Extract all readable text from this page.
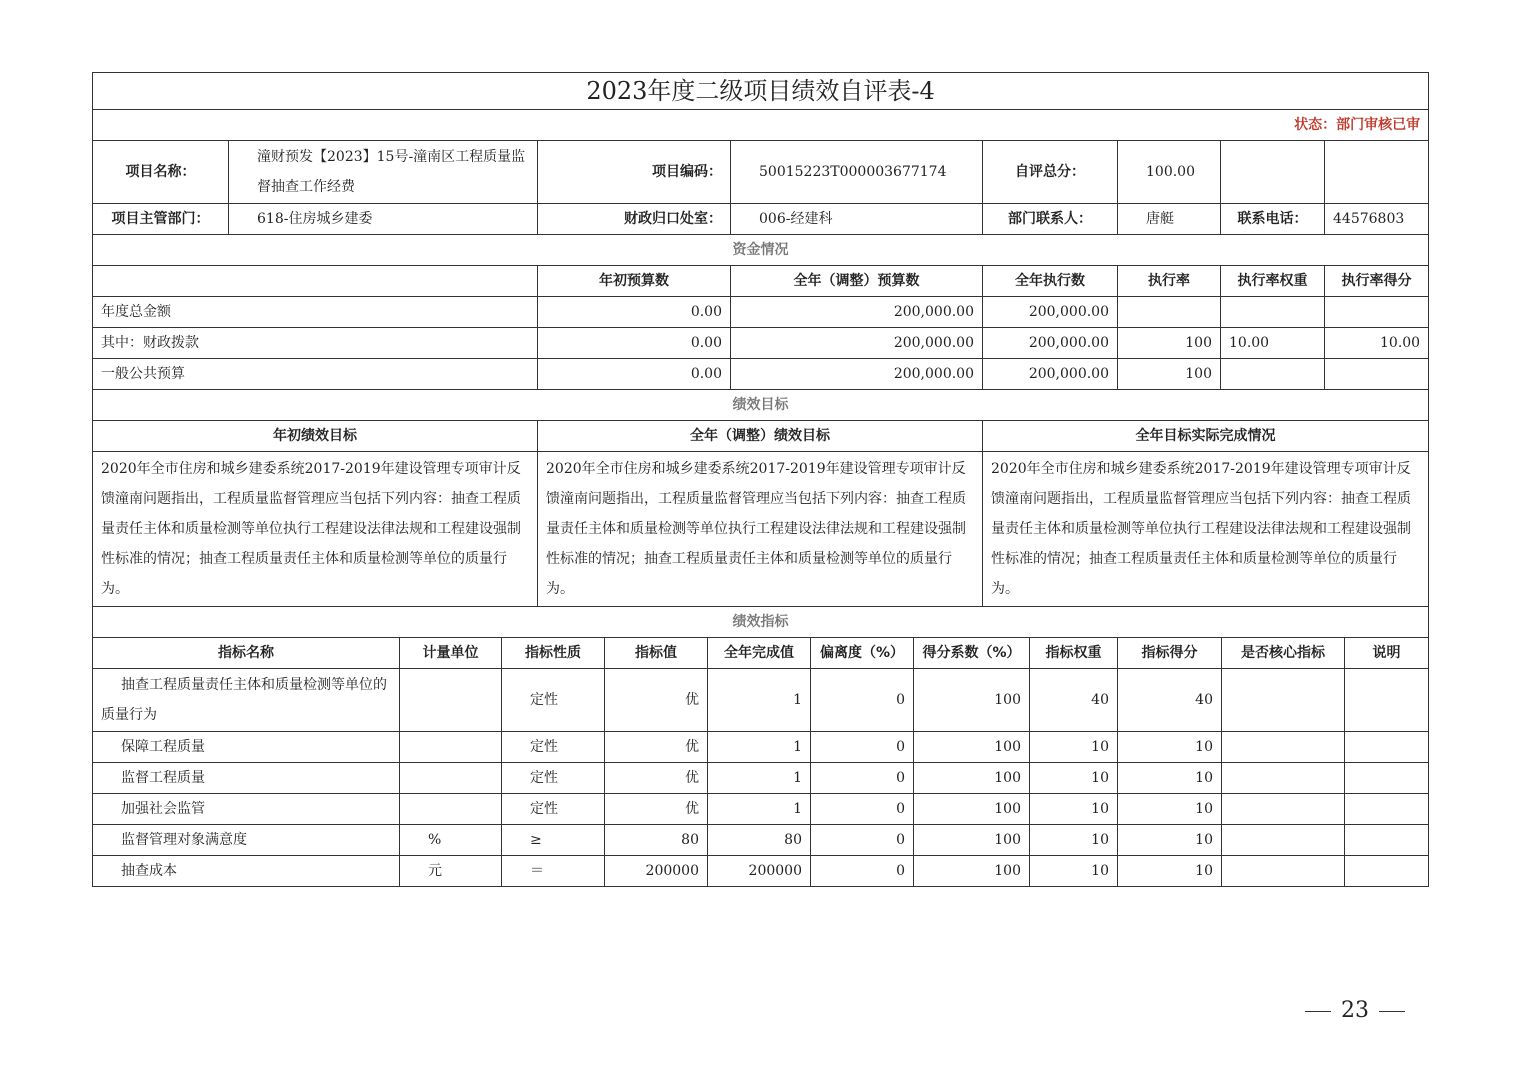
2023年度二级项目绩效自评表-4							
状态：部门审核已审							
项目名称：	潼财预发【2023】15号-潼南区工程质量监督抽查工作经费	项目编码：	50015223T000003677174	自评总分：	100.00		
项目主管部门：	618-住房城乡建委	财政归口处室：	006-经建科	部门联系人：	唐艇	联系电话：	44576803
资金情况							
		年初预算数	全年（调整）预算数	全年执行数	执行率	执行率权重	执行率得分
年度总金额		0.00	200,000.00	200,000.00			
其中：财政拨款		0.00	200,000.00	200,000.00	100	10.00	10.00
一般公共预算		0.00	200,000.00	200,000.00	100		
绩效目标							
年初绩效目标	全年（调整）绩效目标	全年目标实际完成情况
2020年全市住房和城乡建委系统2017-2019年建设管理专项审计反馈潼南问题指出，工程质量监督管理应当包括下列内容：抽查工程质量责任主体和质量检测等单位执行工程建设法律法规和工程建设强制性标准的情况；抽查工程质量责任主体和质量检测等单位的质量行为。	2020年全市住房和城乡建委系统2017-2019年建设管理专项审计反馈潼南问题指出，工程质量监督管理应当包括下列内容：抽查工程质量责任主体和质量检测等单位执行工程建设法律法规和工程建设强制性标准的情况；抽查工程质量责任主体和质量检测等单位的质量行为。	2020年全市住房和城乡建委系统2017-2019年建设管理专项审计反馈潼南问题指出，工程质量监督管理应当包括下列内容：抽查工程质量责任主体和质量检测等单位执行工程建设法律法规和工程建设强制性标准的情况；抽查工程质量责任主体和质量检测等单位的质量行为。
绩效指标		
指标名称	计量单位	指标性质	指标值	全年完成值	偏离度（%）	得分系数（%）	指标权重	指标得分	是否核心指标	说明
抽查工程质量责任主体和质量检测等单位的质量行为		定性	优	1	0	100	40	40		
保障工程质量		定性	优	1	0	100	10	10		
监督工程质量		定性	优	1	0	100	10	10		
加强社会监管		定性	优	1	0	100	10	10		
监督管理对象满意度	%	≥	80	80	0	100	10	10		
抽查成本	元	＝	200000	200000	0	100	10	10		
23
